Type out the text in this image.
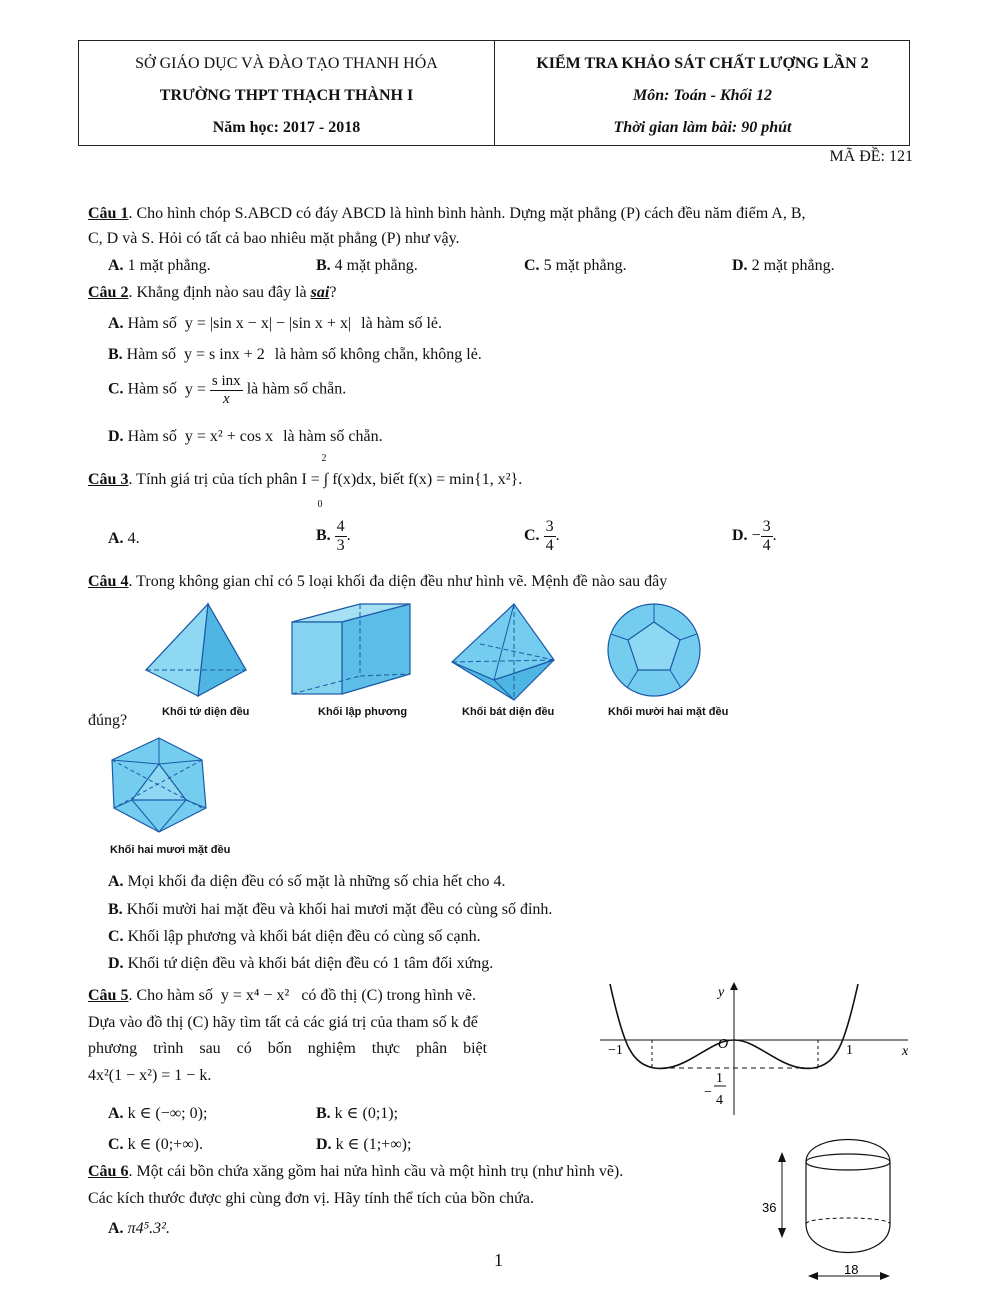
SỞ GIÁO DỤC VÀ ĐÀO TẠO THANH HÓA
TRƯỜNG THPT THẠCH THÀNH I
Năm học: 2017 - 2018
KIỂM TRA KHẢO SÁT CHẤT LƯỢNG LẦN 2
Môn: Toán - Khối 12
Thời gian làm bài: 90 phút
MÃ ĐỀ: 121
Câu 1. Cho hình chóp S.ABCD có đáy ABCD là hình bình hành. Dựng mặt phẳng (P) cách đều năm điểm A, B,
C, D và S. Hỏi có tất cả bao nhiêu mặt phẳng (P) như vậy.
A. 1 mặt phẳng.	B. 4 mặt phẳng.	C. 5 mặt phẳng.	D. 2 mặt phẳng.
Câu 2. Khẳng định nào sau đây là sai?
A. Hàm số y = |sin x − x| − |sin x + x| là hàm số lẻ.
B. Hàm số y = s inx + 2 là hàm số không chẵn, không lẻ.
C. Hàm số $y = \frac{\text{s inx}}{x}$ là hàm số chẵn.
D. Hàm số y = x² + cos x là hàm số chẵn.
Câu 3. Tính giá trị của tích phân I = ∫ f(x)dx
2
0
, biết f(x) = min{1, x²}.
A. 4.	B. $\frac{4}{3}$ .	C. $\frac{3}{4}$ .	D. − $\frac{3}{4}$ .
Câu 4. Trong không gian chỉ có 5 loại khối đa diện đều như hình vẽ. Mệnh đề nào sau đây
đúng?	Khối tứ diện đều	Khối lập phương	Khối bát diện đều	Khối mười hai mặt đều
Khối hai mươi mặt đều
A. Mọi khối đa diện đều có số mặt là những số chia hết cho 4.
B. Khối mười hai mặt đều và khối hai mươi mặt đều có cùng số đỉnh.
C. Khối lập phương và khối bát diện đều có cùng số cạnh.
D. Khối tứ diện đều và khối bát diện đều có 1 tâm đối xứng.
Câu 5. Cho hàm số y = x⁴ − x² có đồ thị (C) trong hình vẽ.
Dựa vào đồ thị (C) hãy tìm tất cả các giá trị của tham số k để
phương trình sau có bốn nghiệm thực phân biệt
4x²(1 − x²) = 1 − k.
A. k ∈ (−∞; 0);	B. k ∈ (0;1);
C. k ∈ (0;+∞).	D. k ∈ (1;+∞);
y
x
O
−1	1
−
1
4
Câu 6. Một cái bồn chứa xăng gồm hai nửa hình cầu và một hình trụ (như hình vẽ).
Các kích thước được ghi cùng đơn vị. Hãy tính thể tích của bồn chứa.
A. π4⁵.3².
36
18
1
